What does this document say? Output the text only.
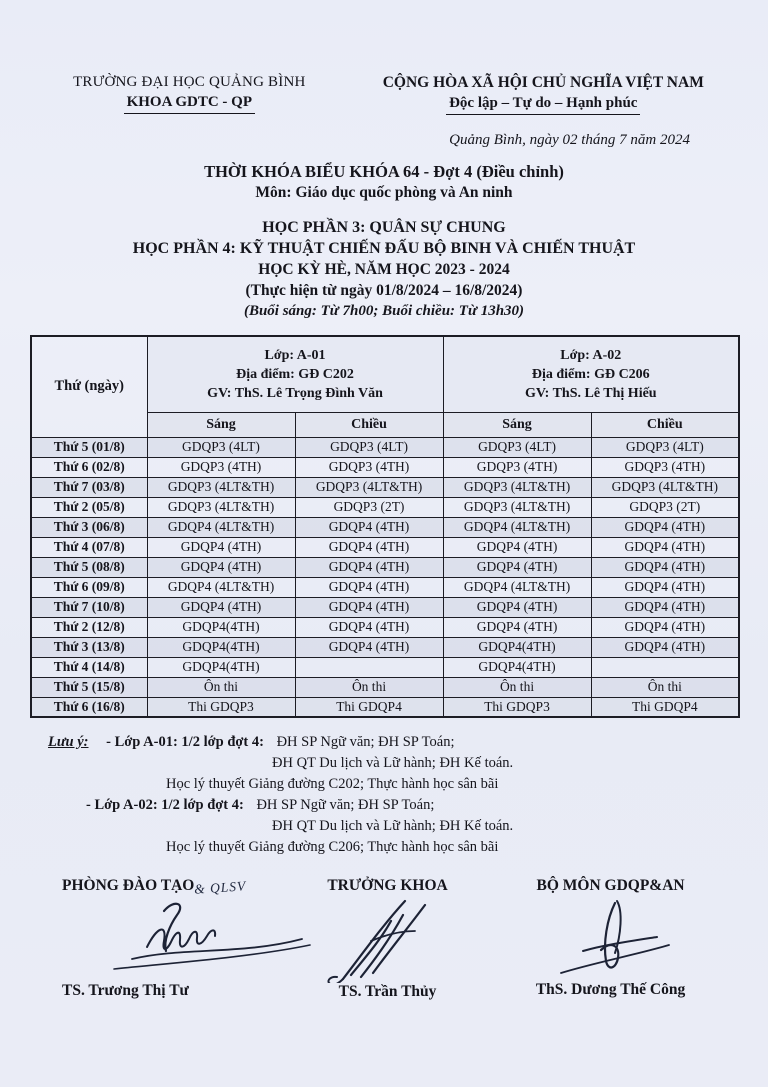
TRƯỜNG ĐẠI HỌC QUẢNG BÌNH
KHOA GDTC - QP
CỘNG HÒA XÃ HỘI CHỦ NGHĨA VIỆT NAM
Độc lập – Tự do – Hạnh phúc
Quảng Bình, ngày 02 tháng 7 năm 2024
THỜI KHÓA BIỂU KHÓA 64 - Đợt 4 (Điều chỉnh)
Môn: Giáo dục quốc phòng và An ninh
HỌC PHẦN 3: QUÂN SỰ CHUNG
HỌC PHẦN 4: KỸ THUẬT CHIẾN ĐẤU BỘ BINH VÀ CHIẾN THUẬT
HỌC KỲ HÈ, NĂM HỌC 2023 - 2024
(Thực hiện từ ngày 01/8/2024 – 16/8/2024)
(Buổi sáng: Từ 7h00; Buổi chiều: Từ 13h30)
Thứ (ngày)	
Lớp: A-01
Địa điểm: GĐ C202
GV: ThS. Lê Trọng Đình Văn

Lớp: A-02
Địa điểm: GĐ C206
GV: ThS. Lê Thị Hiếu

	Sáng	Chiều	Sáng	Chiều
Thứ 5 (01/8)	GDQP3 (4LT)	GDQP3 (4LT)	GDQP3 (4LT)	GDQP3 (4LT)
Thứ 6 (02/8)	GDQP3 (4TH)	GDQP3 (4TH)	GDQP3 (4TH)	GDQP3 (4TH)
Thứ 7 (03/8)	GDQP3 (4LT&TH)	GDQP3 (4LT&TH)	GDQP3 (4LT&TH)	GDQP3 (4LT&TH)
Thứ 2 (05/8)	GDQP3 (4LT&TH)	GDQP3 (2T)	GDQP3 (4LT&TH)	GDQP3 (2T)
Thứ 3 (06/8)	GDQP4 (4LT&TH)	GDQP4 (4TH)	GDQP4 (4LT&TH)	GDQP4 (4TH)
Thứ 4 (07/8)	GDQP4 (4TH)	GDQP4 (4TH)	GDQP4 (4TH)	GDQP4 (4TH)
Thứ 5 (08/8)	GDQP4 (4TH)	GDQP4 (4TH)	GDQP4 (4TH)	GDQP4 (4TH)
Thứ 6 (09/8)	GDQP4 (4LT&TH)	GDQP4 (4TH)	GDQP4 (4LT&TH)	GDQP4 (4TH)
Thứ 7 (10/8)	GDQP4 (4TH)	GDQP4 (4TH)	GDQP4 (4TH)	GDQP4 (4TH)
Thứ 2 (12/8)	GDQP4(4TH)	GDQP4 (4TH)	GDQP4 (4TH)	GDQP4 (4TH)
Thứ 3 (13/8)	GDQP4(4TH)	GDQP4 (4TH)	GDQP4(4TH)	GDQP4 (4TH)
Thứ 4 (14/8)	GDQP4(4TH)		GDQP4(4TH)	
Thứ 5 (15/8)	Ôn thi	Ôn thi	Ôn thi	Ôn thi
Thứ 6 (16/8)	Thi GDQP3	Thi GDQP4	Thi GDQP3	Thi GDQP4
Lưu ý: - Lớp A-01: 1/2 lớp đợt 4: ĐH SP Ngữ văn; ĐH SP Toán;
ĐH QT Du lịch và Lữ hành; ĐH Kế toán.
Học lý thuyết Giảng đường C202; Thực hành học sân bãi
- Lớp A-02: 1/2 lớp đợt 4: ĐH SP Ngữ văn; ĐH SP Toán;
ĐH QT Du lịch và Lữ hành; ĐH Kế toán.
Học lý thuyết Giảng đường C206; Thực hành học sân bãi
PHÒNG ĐÀO TẠO& QLSV
TS. Trương Thị Tư
TRƯỞNG KHOA
TS. Trần Thủy
BỘ MÔN GDQP&AN
ThS. Dương Thế Công
